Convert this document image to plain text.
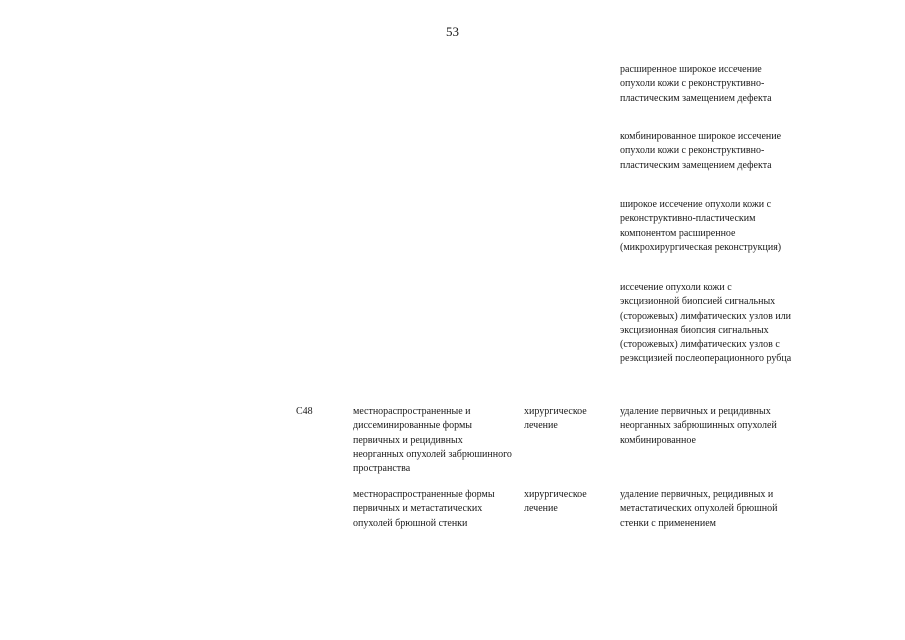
53
расширенное широкое иссечение опухоли кожи с реконструктивно-пластическим замещением дефекта
комбинированное широкое иссечение опухоли кожи с реконструктивно-пластическим замещением дефекта
широкое иссечение опухоли кожи с реконструктивно-пластическим компонентом расширенное (микрохирургическая реконструкция)
иссечение опухоли кожи с эксцизионной биопсией сигнальных (сторожевых) лимфатических узлов или эксцизионная биопсия сигнальных (сторожевых) лимфатических узлов с реэксцизией послеоперационного рубца
С48	местнораспространенные и диссеминированные формы первичных и рецидивных неорганных опухолей забрюшинного пространства
хирургическое лечение
удаление первичных и рецидивных неорганных забрюшинных опухолей комбинированное
местнораспространенные формы первичных и метастатических опухолей брюшной стенки
хирургическое лечение
удаление первичных, рецидивных и метастатических опухолей брюшной стенки с применением
